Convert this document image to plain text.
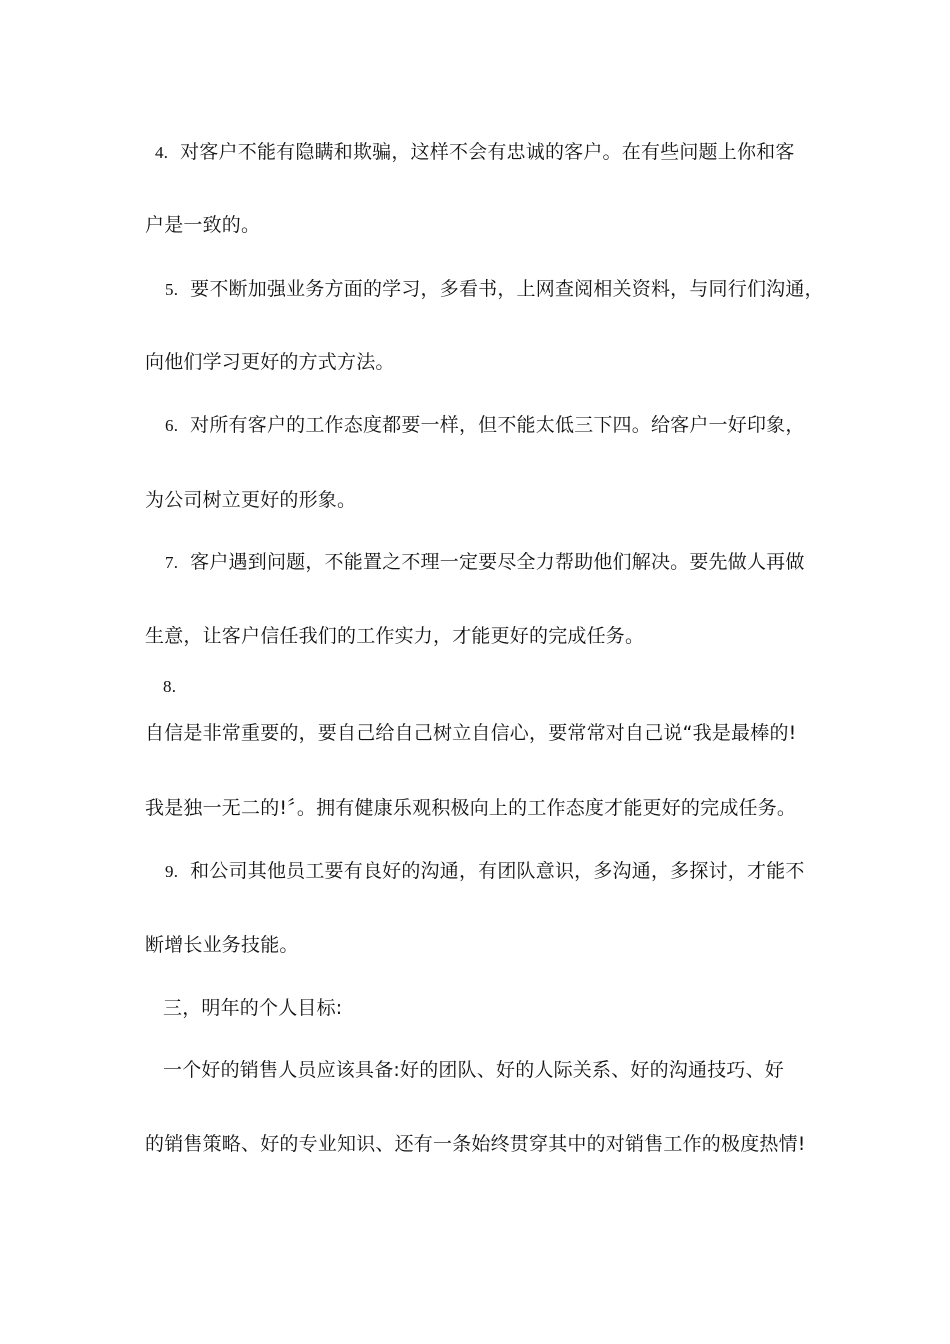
4. 对客户不能有隐瞒和欺骗，这样不会有忠诚的客户。在有些问题上你和客
户是一致的。
5. 要不断加强业务方面的学习，多看书，上网查阅相关资料，与同行们沟通，
向他们学习更好的方式方法。
6. 对所有客户的工作态度都要一样，但不能太低三下四。给客户一好印象，
为公司树立更好的形象。
7. 客户遇到问题，不能置之不理一定要尽全力帮助他们解决。要先做人再做
生意，让客户信任我们的工作实力，才能更好的完成任务。
8.
自信是非常重要的，要自己给自己树立自信心，要常常对自己说“我是最棒的!
我是独一无二的!〞。拥有健康乐观积极向上的工作态度才能更好的完成任务。
9. 和公司其他员工要有良好的沟通，有团队意识，多沟通，多探讨，才能不
断增长业务技能。
三，明年的个人目标:
一个好的销售人员应该具备:好的团队、好的人际关系、好的沟通技巧、好
的销售策略、好的专业知识、还有一条始终贯穿其中的对销售工作的极度热情!
